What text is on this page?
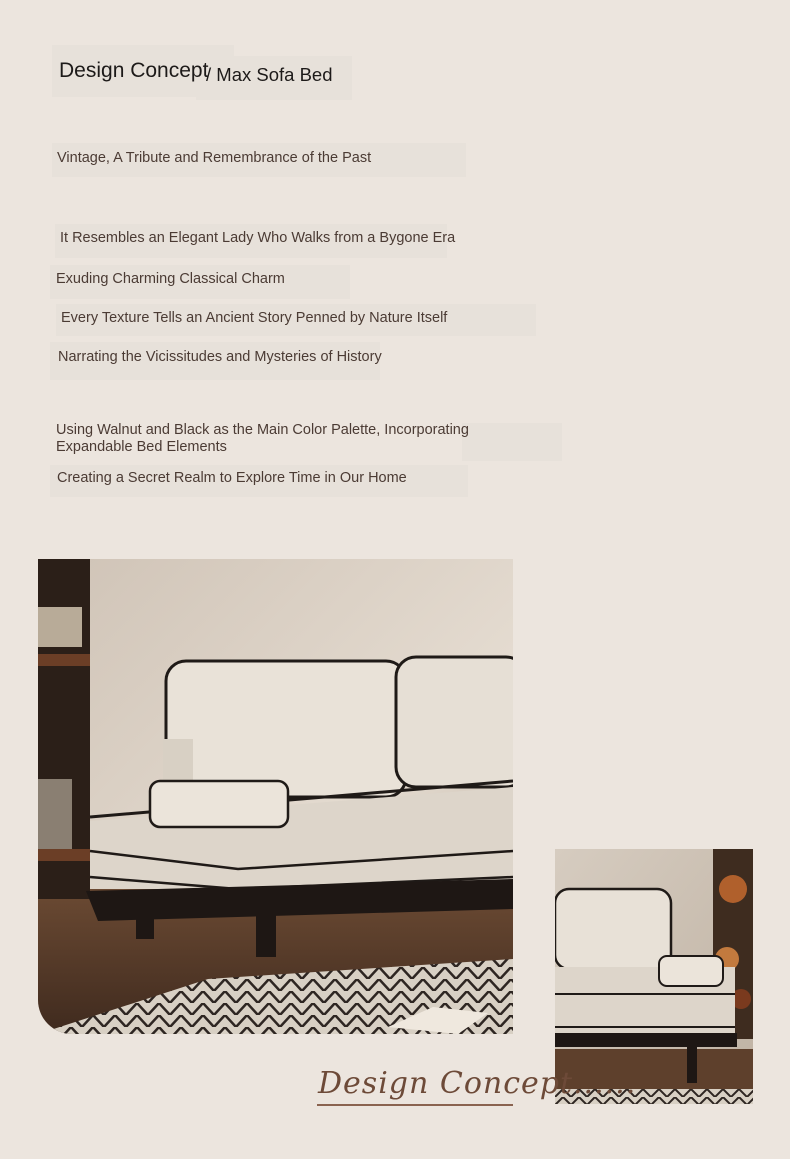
Design Concept
/ Max Sofa Bed
Vintage, A Tribute and Remembrance of the Past
It Resembles an Elegant Lady Who Walks from a Bygone Era
Exuding Charming Classical Charm
Every Texture Tells an Ancient Story Penned by Nature Itself
Narrating the Vicissitudes and Mysteries of History
Using Walnut and Black as the Main Color Palette, Incorporating
Expandable Bed Elements
Creating a Secret Realm to Explore Time in Our Home
Design Concept......
